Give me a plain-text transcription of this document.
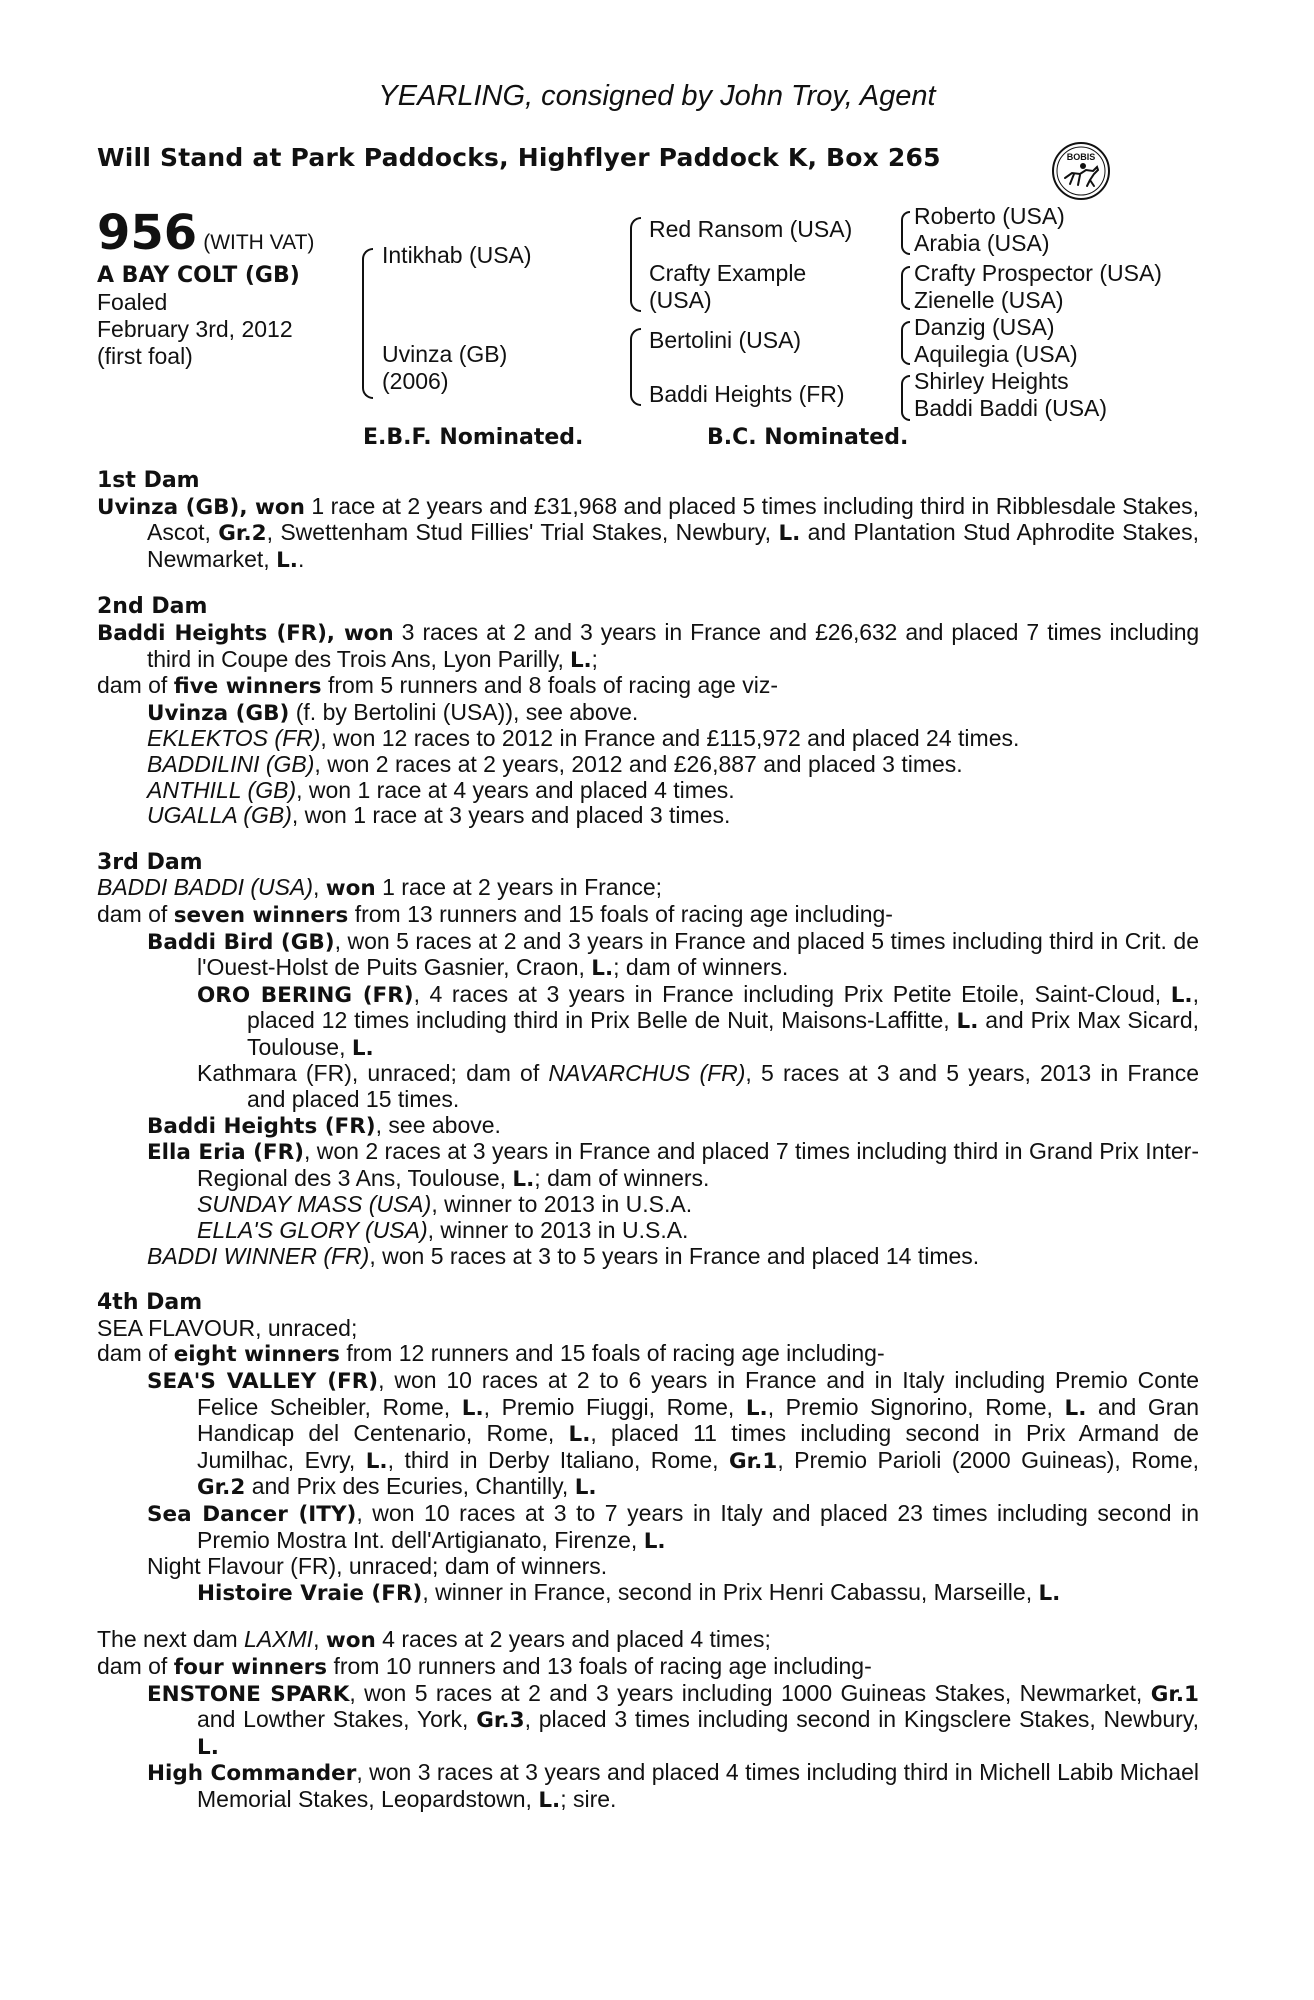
YEARLING, consigned by John Troy, Agent
Will Stand at Park Paddocks, Highflyer Paddock K, Box 265	BOBIS
956 (WITH VAT)
A BAY COLT (GB)
Foaled
February 3rd, 2012
(first foal)
Intikhab (USA)
Uvinza (GB)
(2006)
Red Ransom (USA)
Crafty Example
(USA)
Bertolini (USA)
Baddi Heights (FR)
Roberto (USA)
Arabia (USA)
Crafty Prospector (USA)
Zienelle (USA)
Danzig (USA)
Aquilegia (USA)
Shirley Heights
Baddi Baddi (USA)
E.B.F. Nominated.	B.C. Nominated.
1st Dam
Uvinza (GB), won 1 race at 2 years and £31,968 and placed 5 times including third in Ribblesdale Stakes, Ascot, Gr.2, Swettenham Stud Fillies' Trial Stakes, Newbury, L. and Plantation Stud Aphrodite Stakes, Newmarket, L..
2nd Dam
Baddi Heights (FR), won 3 races at 2 and 3 years in France and £26,632 and placed 7 times including third in Coupe des Trois Ans, Lyon Parilly, L.;
dam of five winners from 5 runners and 8 foals of racing age viz-
Uvinza (GB) (f. by Bertolini (USA)), see above.
EKLEKTOS (FR), won 12 races to 2012 in France and £115,972 and placed 24 times.
BADDILINI (GB), won 2 races at 2 years, 2012 and £26,887 and placed 3 times.
ANTHILL (GB), won 1 race at 4 years and placed 4 times.
UGALLA (GB), won 1 race at 3 years and placed 3 times.
3rd Dam
BADDI BADDI (USA), won 1 race at 2 years in France;
dam of seven winners from 13 runners and 15 foals of racing age including-
Baddi Bird (GB), won 5 races at 2 and 3 years in France and placed 5 times including third in Crit. de l'Ouest-Holst de Puits Gasnier, Craon, L.; dam of winners.
ORO BERING (FR), 4 races at 3 years in France including Prix Petite Etoile, Saint-Cloud, L., placed 12 times including third in Prix Belle de Nuit, Maisons-Laffitte, L. and Prix Max Sicard, Toulouse, L.
Kathmara (FR), unraced; dam of NAVARCHUS (FR), 5 races at 3 and 5 years, 2013 in France and placed 15 times.
Baddi Heights (FR), see above.
Ella Eria (FR), won 2 races at 3 years in France and placed 7 times including third in Grand Prix Inter-Regional des 3 Ans, Toulouse, L.; dam of winners.
SUNDAY MASS (USA), winner to 2013 in U.S.A.
ELLA'S GLORY (USA), winner to 2013 in U.S.A.
BADDI WINNER (FR), won 5 races at 3 to 5 years in France and placed 14 times.
4th Dam
SEA FLAVOUR, unraced;
dam of eight winners from 12 runners and 15 foals of racing age including-
SEA'S VALLEY (FR), won 10 races at 2 to 6 years in France and in Italy including Premio Conte Felice Scheibler, Rome, L., Premio Fiuggi, Rome, L., Premio Signorino, Rome, L. and Gran Handicap del Centenario, Rome, L., placed 11 times including second in Prix Armand de Jumilhac, Evry, L., third in Derby Italiano, Rome, Gr.1, Premio Parioli (2000 Guineas), Rome, Gr.2 and Prix des Ecuries, Chantilly, L.
Sea Dancer (ITY), won 10 races at 3 to 7 years in Italy and placed 23 times including second in Premio Mostra Int. dell'Artigianato, Firenze, L.
Night Flavour (FR), unraced; dam of winners.
Histoire Vraie (FR), winner in France, second in Prix Henri Cabassu, Marseille, L.
The next dam LAXMI, won 4 races at 2 years and placed 4 times;
dam of four winners from 10 runners and 13 foals of racing age including-
ENSTONE SPARK, won 5 races at 2 and 3 years including 1000 Guineas Stakes, Newmarket, Gr.1 and Lowther Stakes, York, Gr.3, placed 3 times including second in Kingsclere Stakes, Newbury, L.
High Commander, won 3 races at 3 years and placed 4 times including third in Michell Labib Michael Memorial Stakes, Leopardstown, L.; sire.
